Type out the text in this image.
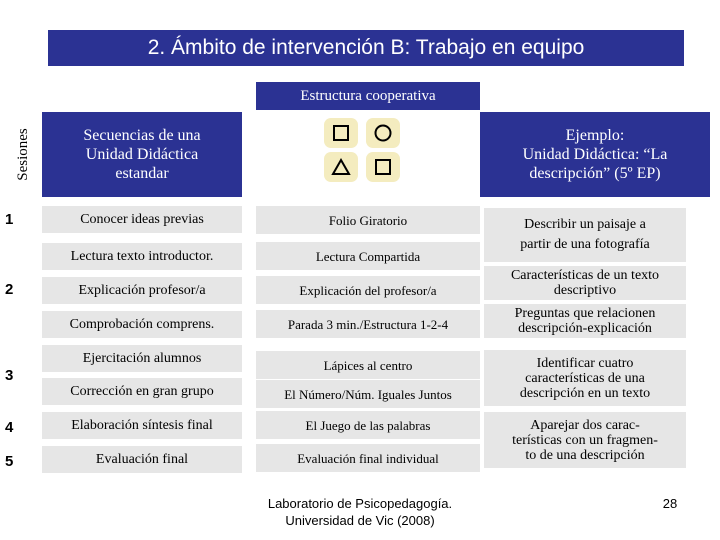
2. Ámbito de intervención B: Trabajo en equipo
Estructura cooperativa
Sesiones	Secuencias de una
Unidad Didáctica
estandar
Ejemplo:
Unidad Didáctica: “La
descripción” (5º EP)
1
2
3
4
5
Conocer ideas previas
Lectura texto introductor.
Explicación profesor/a
Comprobación comprens.
Ejercitación alumnos
Corrección en gran grupo
Elaboración síntesis final
Evaluación final
Folio Giratorio
Lectura Compartida
Explicación del profesor/a
Parada 3 min./Estructura 1-2-4
Lápices al centro
El Número/Núm. Iguales Juntos
El Juego de las palabras
Evaluación final individual
Describir un paisaje a
partir de una fotografía
Características de un texto
descriptivo
Preguntas que relacionen
descripción-explicación
Identificar cuatro
características de una
descripción en un texto
Aparejar dos carac-
terísticas con un fragmen-
to de una descripción
Laboratorio de Psicopedagogía.
Universidad de Vic (2008)
28
